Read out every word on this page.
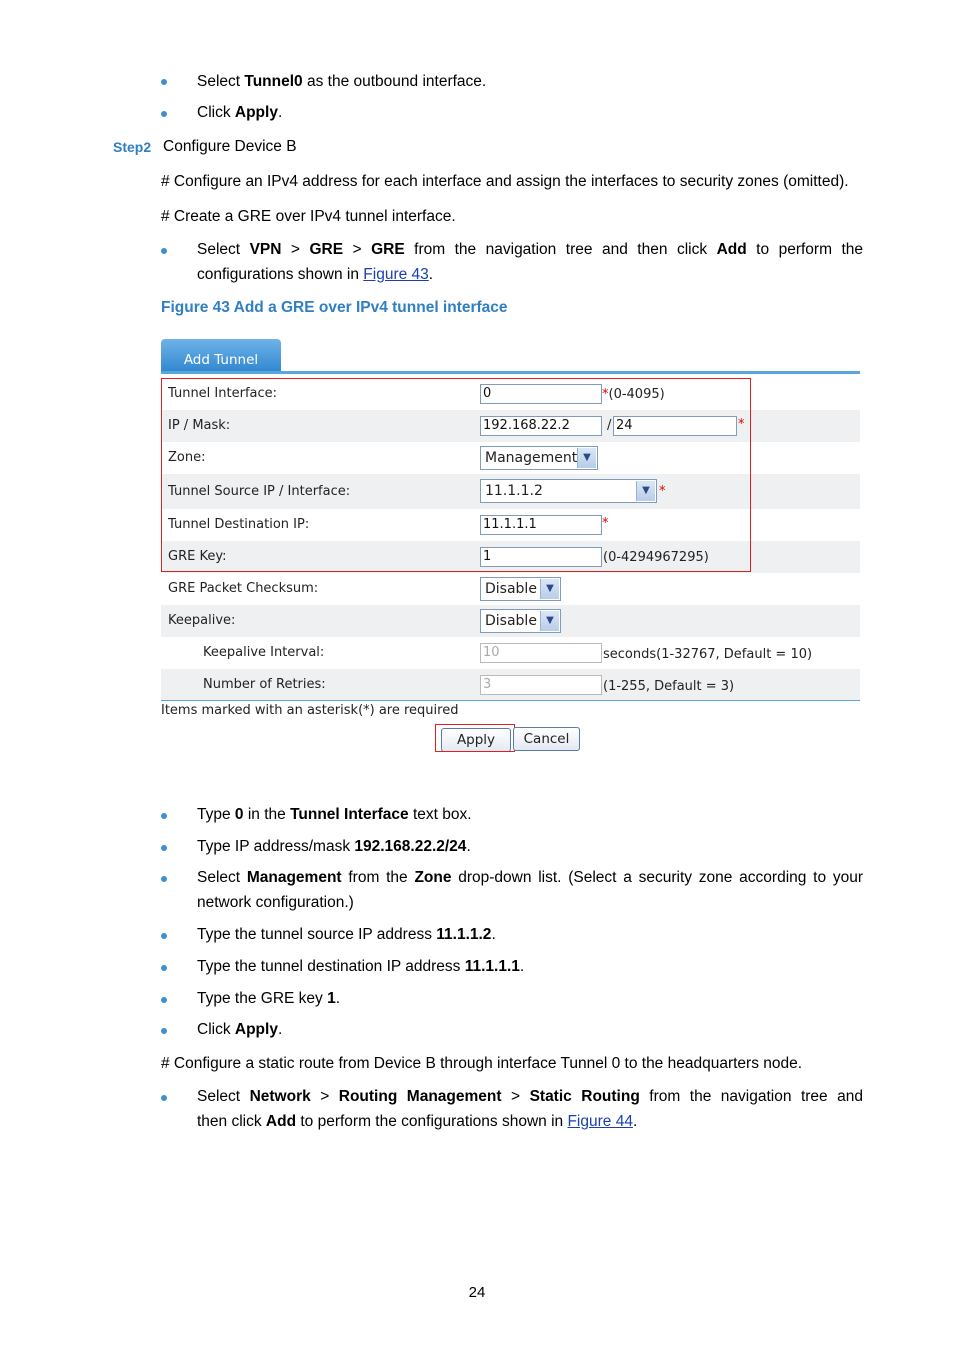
Select Tunnel0 as the outbound interface.
Click Apply.
Step2 Configure Device B
# Configure an IPv4 address for each interface and assign the interfaces to security zones (omitted).
# Create a GRE over IPv4 tunnel interface.
Select VPN > GRE > GRE from the navigation tree and then click Add to perform the
configurations shown in Figure 43.
Figure 43 Add a GRE over IPv4 tunnel interface
Add Tunnel
Tunnel Interface:	0	*(0-4095)
IP / Mask:	192.168.22.2	/ 24	*
Zone:	Management ▼
Tunnel Source IP / Interface:	11.1.1.2	▼ *
Tunnel Destination IP:	11.1.1.1	*
GRE Key:	1	(0-4294967295)
GRE Packet Checksum:	Disable ▼
Keepalive:	Disable ▼
Keepalive Interval:	10	seconds(1-32767, Default = 10)
Number of Retries:	3	(1-255, Default = 3)
Items marked with an asterisk(*) are required
Apply	Cancel
Type 0 in the Tunnel Interface text box.
Type IP address/mask 192.168.22.2/24.
Select Management from the Zone drop-down list. (Select a security zone according to your
network configuration.)
Type the tunnel source IP address 11.1.1.2.
Type the tunnel destination IP address 11.1.1.1.
Type the GRE key 1.
Click Apply.
# Configure a static route from Device B through interface Tunnel 0 to the headquarters node.
Select Network > Routing Management > Static Routing from the navigation tree and
then click Add to perform the configurations shown in Figure 44.
24
